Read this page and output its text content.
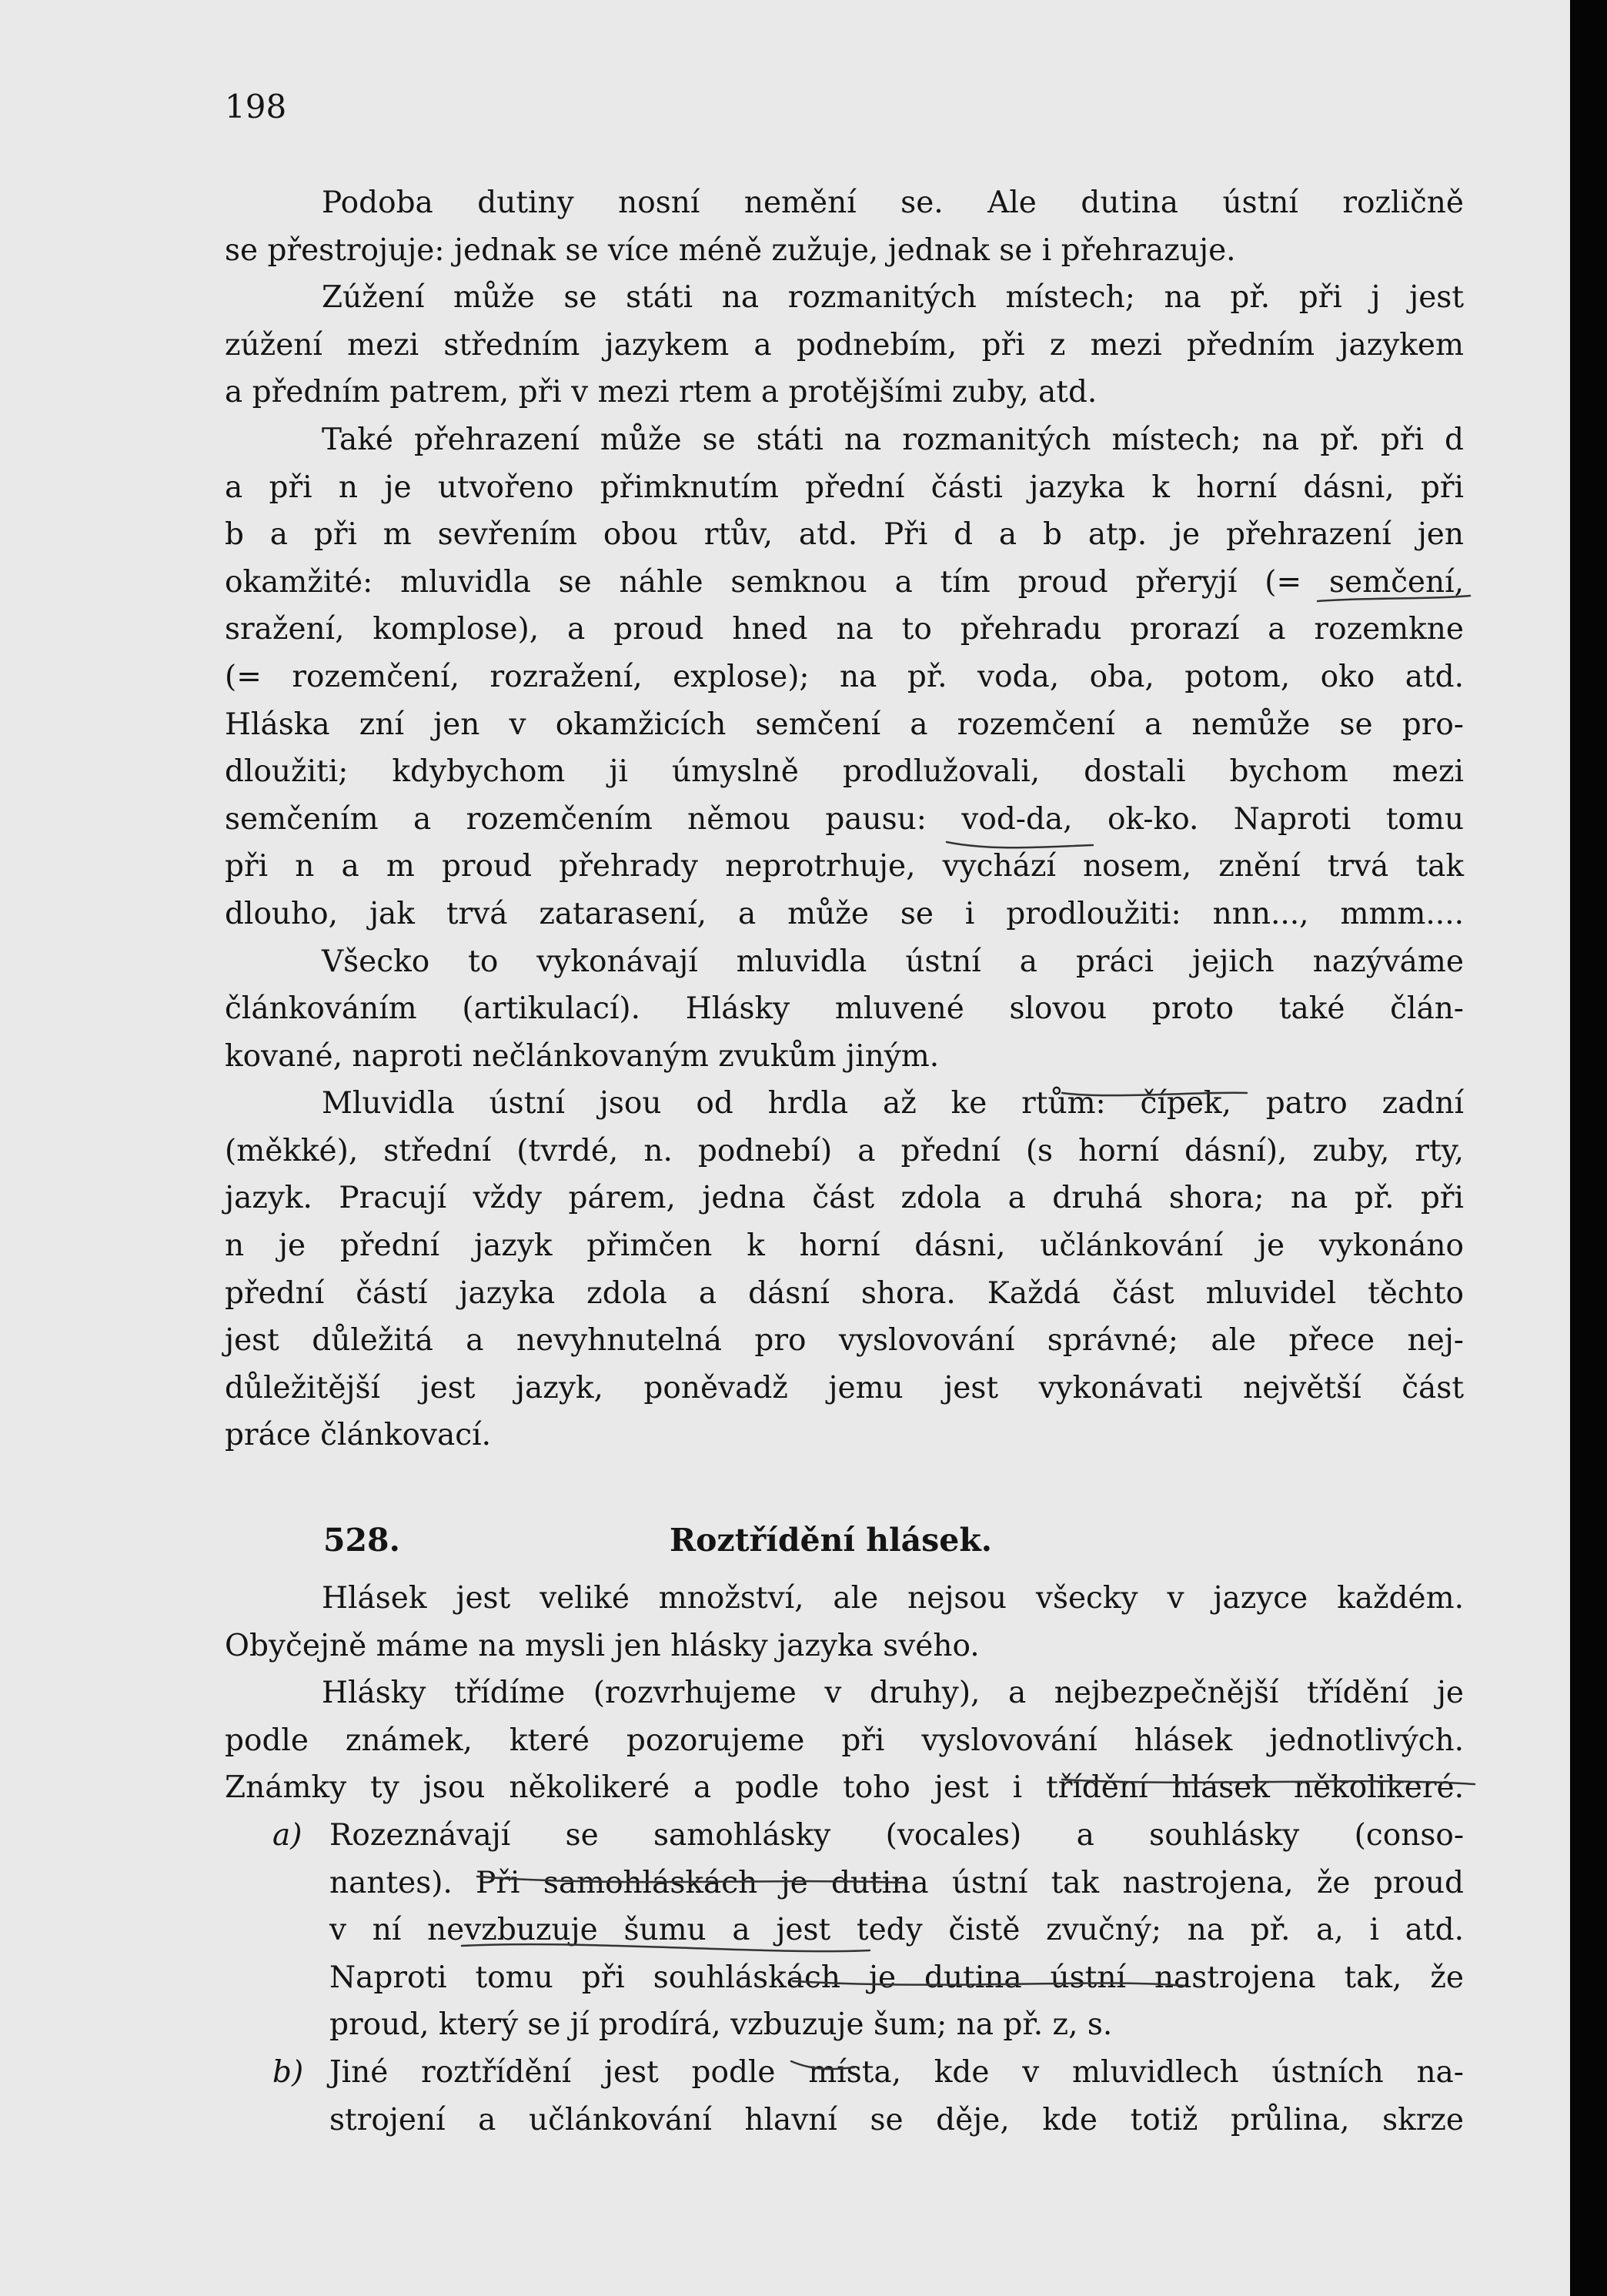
198
Podoba dutiny nosní nemění se. Ale dutina ústní rozličně
se přestrojuje: jednak se více méně zužuje, jednak se i přehrazuje.
Zúžení může se státi na rozmanitých místech; na př. při j jest
zúžení mezi středním jazykem a podnebím, při z mezi předním jazykem
a předním patrem, při v mezi rtem a protějšími zuby, atd.
Také přehrazení může se státi na rozmanitých místech; na př. při d
a při n je utvořeno přimknutím přední části jazyka k horní dásni, při
b a při m sevřením obou rtův, atd. Při d a b atp. je přehrazení jen
okamžité: mluvidla se náhle semknou a tím proud přeryjí (= semčení,
sražení, komplose), a proud hned na to přehradu prorazí a rozemkne
(= rozemčení, rozražení, explose); na př. voda, oba, potom, oko atd.
Hláska zní jen v okamžicích semčení a rozemčení a nemůže se pro-
dloužiti; kdybychom ji úmyslně prodlužovali, dostali bychom mezi
semčením a rozemčením němou pausu: vod-da, ok-ko. Naproti tomu
při n a m proud přehrady neprotrhuje, vychází nosem, znění trvá tak
dlouho, jak trvá zatarasení, a může se i prodloužiti: nnn..., mmm....
Všecko to vykonávají mluvidla ústní a práci jejich nazýváme
článkováním (artikulací). Hlásky mluvené slovou proto také člán-
kované, naproti nečlánkovaným zvukům jiným.
Mluvidla ústní jsou od hrdla až ke rtům: čípek, patro zadní
(měkké), střední (tvrdé, n. podnebí) a přední (s horní dásní), zuby, rty,
jazyk. Pracují vždy párem, jedna část zdola a druhá shora; na př. při
n je přední jazyk přimčen k horní dásni, učlánkování je vykonáno
přední částí jazyka zdola a dásní shora. Každá část mluvidel těchto
jest důležitá a nevyhnutelná pro vyslovování správné; ale přece nej-
důležitější jest jazyk, poněvadž jemu jest vykonávati největší část
práce článkovací.
528.	Roztřídění hlásek.
Hlásek jest veliké množství, ale nejsou všecky v jazyce každém.
Obyčejně máme na mysli jen hlásky jazyka svého.
Hlásky třídíme (rozvrhujeme v druhy), a nejbezpečnější třídění je
podle známek, které pozorujeme při vyslovování hlásek jednotlivých.
Známky ty jsou několikeré a podle toho jest i třídění hlásek několikeré.
a) Rozeznávají se samohlásky (vocales) a souhlásky (conso-
nantes). Při samohláskách je dutina ústní tak nastrojena, že proud
v ní nevzbuzuje šumu a jest tedy čistě zvučný; na př. a, i atd.
Naproti tomu při souhláskách je dutina ústní nastrojena tak, že
proud, který se jí prodírá, vzbuzuje šum; na př. z, s.
b) Jiné roztřídění jest podle místa, kde v mluvidlech ústních na-
strojení a učlánkování hlavní se děje, kde totiž průlina, skrze
